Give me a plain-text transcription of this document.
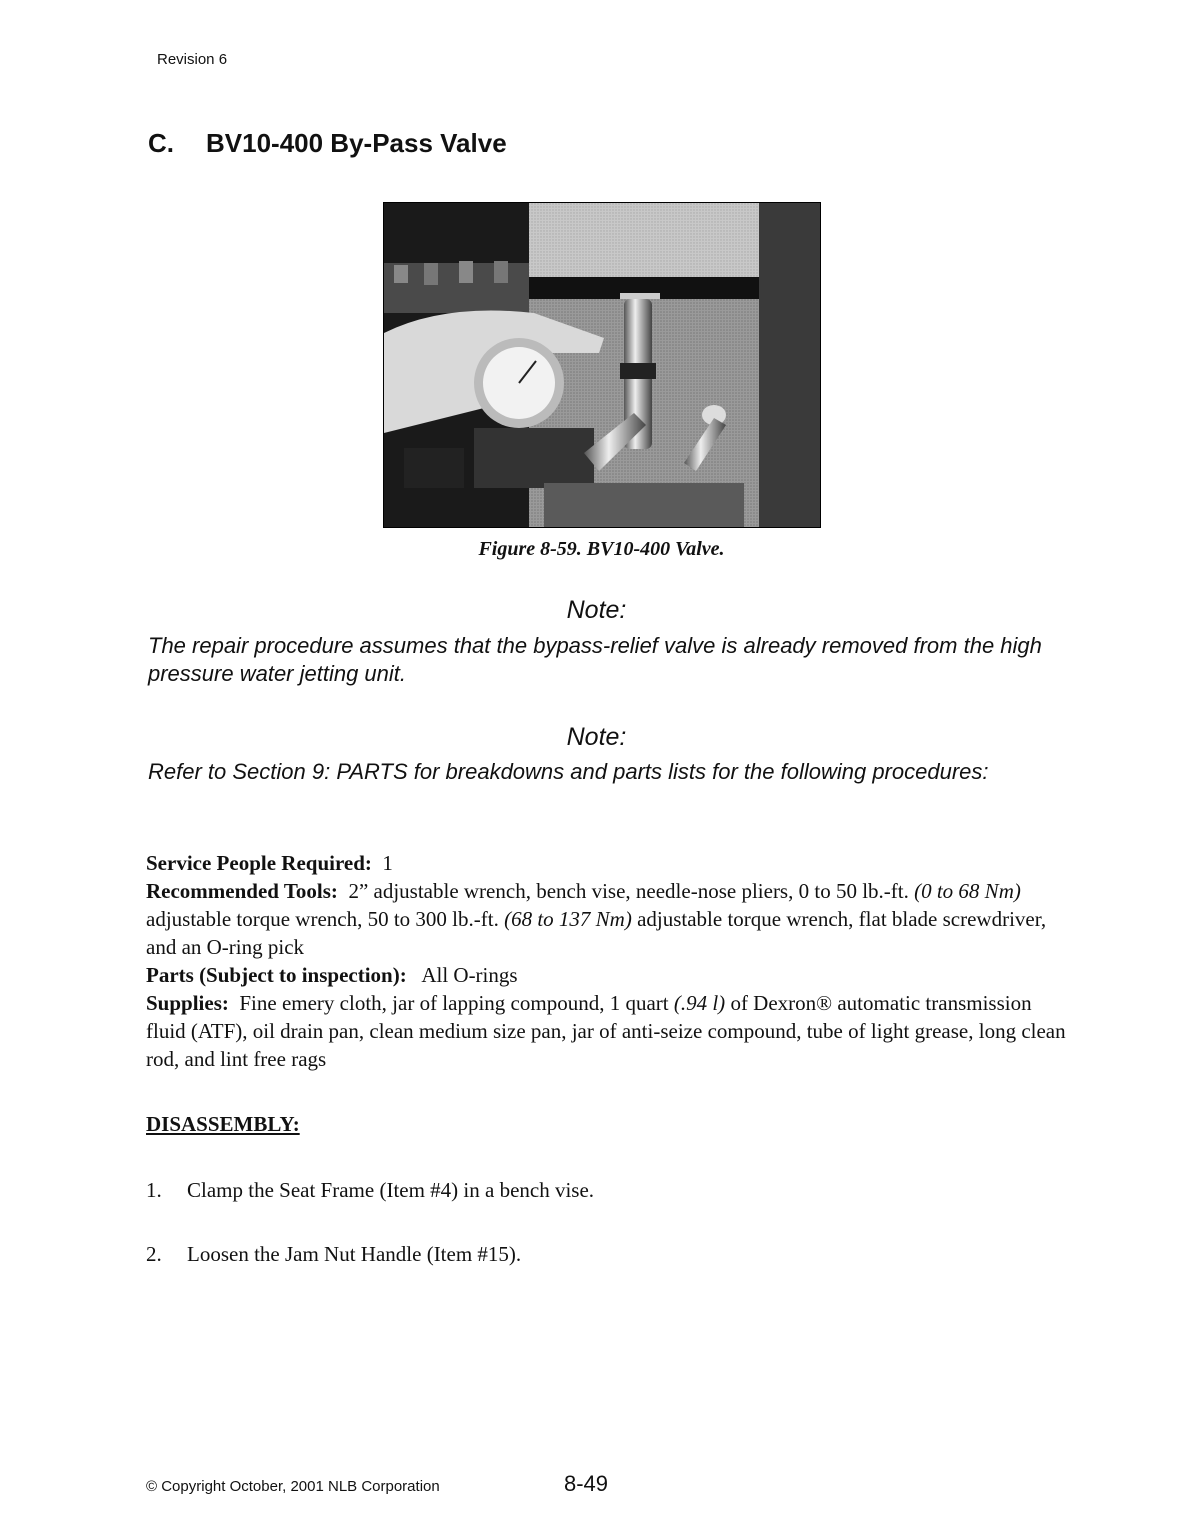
Revision 6
C. BV10-400 By-Pass Valve
Figure 8-59. BV10-400 Valve.
Note:
The repair procedure assumes that the bypass-relief valve is already removed from the high pressure water jetting unit.
Note:
Refer to Section 9: PARTS for breakdowns and parts lists for the following procedures:
Service People Required: 1
Recommended Tools: 2” adjustable wrench, bench vise, needle-nose pliers, 0 to 50 lb.-ft. (0 to 68 Nm) adjustable torque wrench, 50 to 300 lb.-ft. (68 to 137 Nm) adjustable torque wrench, flat blade screwdriver, and an O-ring pick
Parts (Subject to inspection): All O-rings
Supplies: Fine emery cloth, jar of lapping compound, 1 quart (.94 l) of Dexron® automatic transmission fluid (ATF), oil drain pan, clean medium size pan, jar of anti-seize compound, tube of light grease, long clean rod, and lint free rags
DISASSEMBLY:
1. Clamp the Seat Frame (Item #4) in a bench vise.
2. Loosen the Jam Nut Handle (Item #15).
© Copyright October, 2001 NLB Corporation	8-49
